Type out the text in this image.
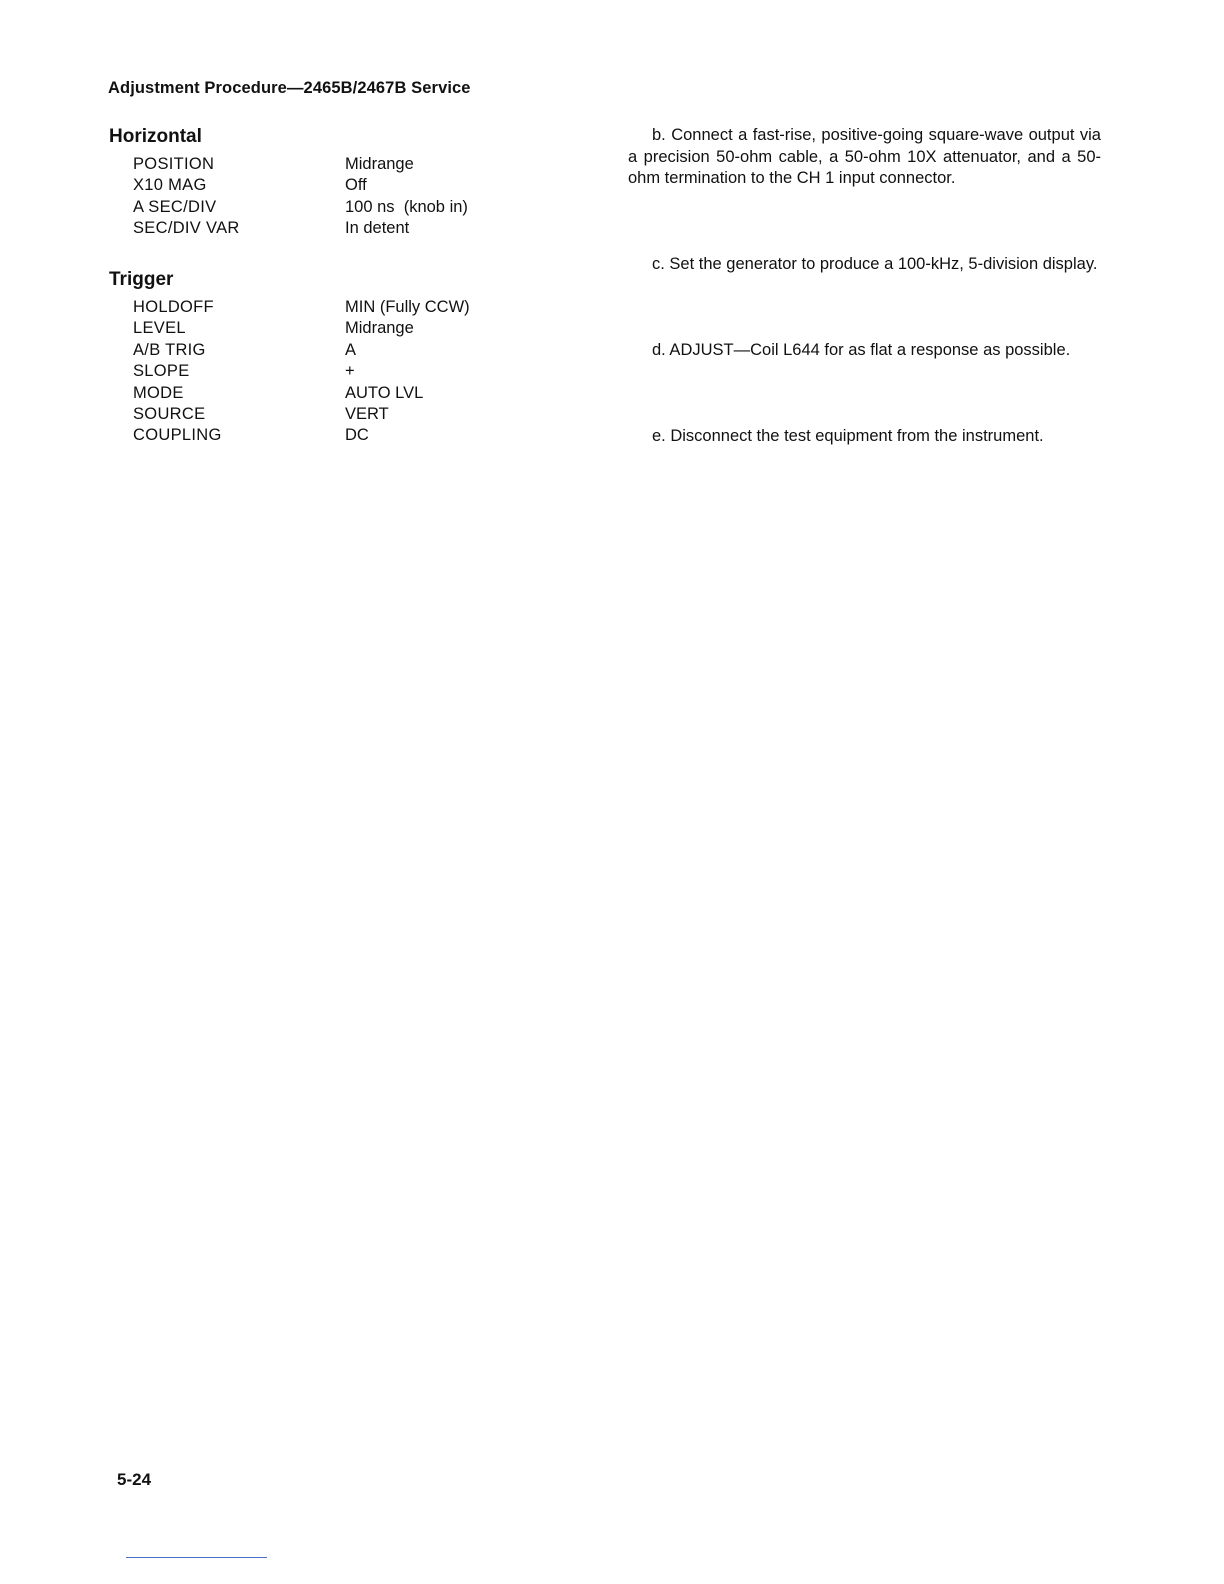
Adjustment Procedure—2465B/2467B Service
Horizontal
POSITION	Midrange
X10 MAG	Off
A SEC/DIV	100 ns  (knob in)
SEC/DIV VAR	In detent
Trigger
HOLDOFF	MIN (Fully CCW)
LEVEL	Midrange
A/B TRIG	A
SLOPE	+
MODE	AUTO LVL
SOURCE	VERT
COUPLING	DC

b. Connect a fast-rise, positive-going square-wave output via a precision 50-ohm cable, a 50-ohm 10X attenuator, and a 50-ohm termination to the CH 1 input connector.

c. Set the generator to produce a 100-kHz, 5-division display.

d. ADJUST—Coil L644 for as flat a response as possible.

e. Disconnect the test equipment from the instrument.

5-24
